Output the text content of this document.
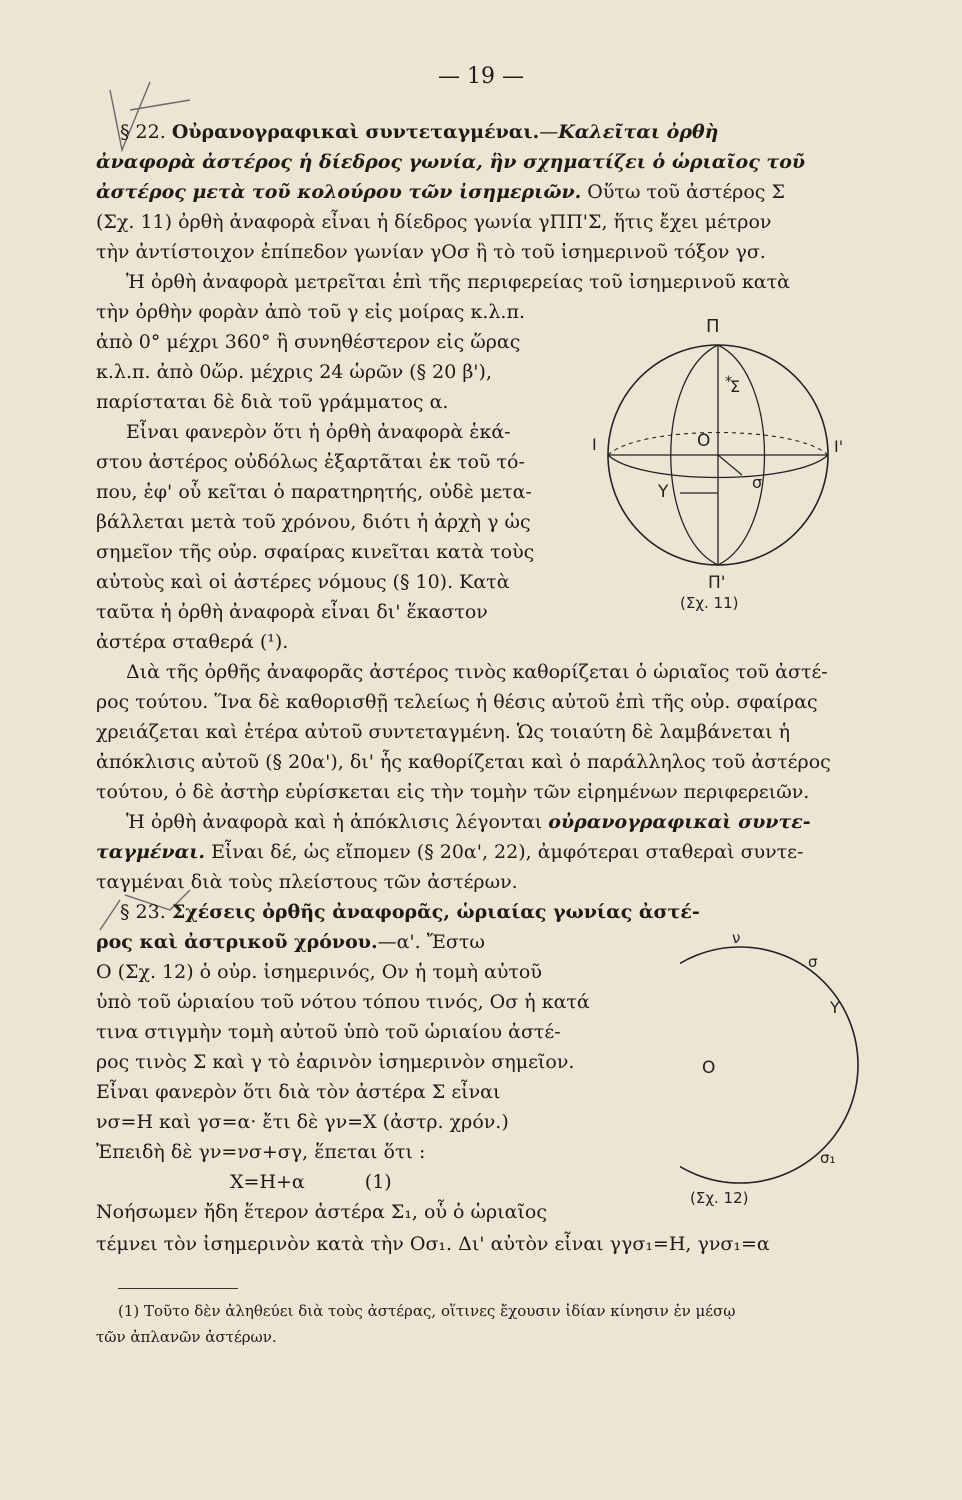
— 19 —
§ 22. Οὐρανογραφικαὶ συντεταγμέναι.—Καλεῖται ὀρθὴ
ἀναφορὰ ἀστέρος ἡ δίεδρος γωνία, ἣν σχηματίζει ὁ ὡριαῖος τοῦ
ἀστέρος μετὰ τοῦ κολούρου τῶν ἰσημεριῶν. Οὕτω τοῦ ἀστέρος Σ
(Σχ. 11) ὀρθὴ ἀναφορὰ εἶναι ἡ δίεδρος γωνία γΠΠ'Σ, ἥτις ἔχει μέτρον
τὴν ἀντίστοιχον ἐπίπεδον γωνίαν γΟσ ἢ τὸ τοῦ ἰσημερινοῦ τόξον γσ.
Ἡ ὀρθὴ ἀναφορὰ μετρεῖται ἐπὶ τῆς περιφερείας τοῦ ἰσημερινοῦ κατὰ
τὴν ὀρθὴν φορὰν ἀπὸ τοῦ γ εἰς μοίρας κ.λ.π.
ἀπὸ 0° μέχρι 360° ἢ συνηθέστερον εἰς ὥρας
κ.λ.π. ἀπὸ 0ὥρ. μέχρις 24 ὡρῶν (§ 20 β'),
παρίσταται δὲ διὰ τοῦ γράμματος α.
Εἶναι φανερὸν ὅτι ἡ ὀρθὴ ἀναφορὰ ἑκά-
στου ἀστέρος οὐδόλως ἐξαρτᾶται ἐκ τοῦ τό-
που, ἐφ' οὗ κεῖται ὁ παρατηρητής, οὐδὲ μετα-
βάλλεται μετὰ τοῦ χρόνου, διότι ἡ ἀρχὴ γ ὡς
σημεῖον τῆς οὐρ. σφαίρας κινεῖται κατὰ τοὺς
αὐτοὺς καὶ οἱ ἀστέρες νόμους (§ 10). Κατὰ
ταῦτα ἡ ὀρθὴ ἀναφορὰ εἶναι δι' ἕκαστον
ἀστέρα σταθερά (¹).
Διὰ τῆς ὀρθῆς ἀναφορᾶς ἀστέρος τινὸς καθορίζεται ὁ ὡριαῖος τοῦ ἀστέ-
ρος τούτου. Ἵνα δὲ καθορισθῇ τελείως ἡ θέσις αὐτοῦ ἐπὶ τῆς οὐρ. σφαίρας
χρειάζεται καὶ ἑτέρα αὐτοῦ συντεταγμένη. Ὡς τοιαύτη δὲ λαμβάνεται ἡ
ἀπόκλισις αὐτοῦ (§ 20α'), δι' ἧς καθορίζεται καὶ ὁ παράλληλος τοῦ ἀστέρος
τούτου, ὁ δὲ ἀστὴρ εὑρίσκεται εἰς τὴν τομὴν τῶν εἰρημένων περιφερειῶν.
Ἡ ὀρθὴ ἀναφορὰ καὶ ἡ ἀπόκλισις λέγονται οὐρανογραφικαὶ συντε-
ταγμέναι. Εἶναι δέ, ὡς εἴπομεν (§ 20α', 22), ἀμφότεραι σταθεραὶ συντε-
ταγμέναι διὰ τοὺς πλείστους τῶν ἀστέρων.
Π
Σ
*
O
I	I'
Υ	σ
Π'
(Σχ. 11)
§ 23. Σχέσεις ὀρθῆς ἀναφορᾶς, ὡριαίας γωνίας ἀστέ-
ρος καὶ ἀστρικοῦ χρόνου.—α'. Ἔστω
Ο (Σχ. 12) ὁ οὐρ. ἰσημερινός, Ον ἡ τομὴ αὐτοῦ
ὑπὸ τοῦ ὡριαίου τοῦ νότου τόπου τινός, Οσ ἡ κατά
τινα στιγμὴν τομὴ αὐτοῦ ὑπὸ τοῦ ὡριαίου ἀστέ-
ρος τινὸς Σ καὶ γ τὸ ἐαρινὸν ἰσημερινὸν σημεῖον.
Εἶναι φανερὸν ὅτι διὰ τὸν ἀστέρα Σ εἶναι
νσ=Η καὶ γσ=α· ἔτι δὲ γν=Χ (ἀστρ. χρόν.)
Ἐπειδὴ δὲ γν=νσ+σγ, ἕπεται ὅτι :
Χ=Η+α	(1)
Νοήσωμεν ἤδη ἕτερον ἀστέρα Σ₁, οὗ ὁ ὡριαῖος
τέμνει τὸν ἰσημερινὸν κατὰ τὴν Οσ₁. Δι' αὐτὸν εἶναι γγσ₁=Η, γνσ₁=α
ν
σ
Υ
O
σ₁
(Σχ. 12)
(1) Τοῦτο δὲν ἀληθεύει διὰ τοὺς ἀστέρας, οἵτινες ἔχουσιν ἰδίαν κίνησιν ἐν μέσῳ
τῶν ἀπλανῶν ἀστέρων.
